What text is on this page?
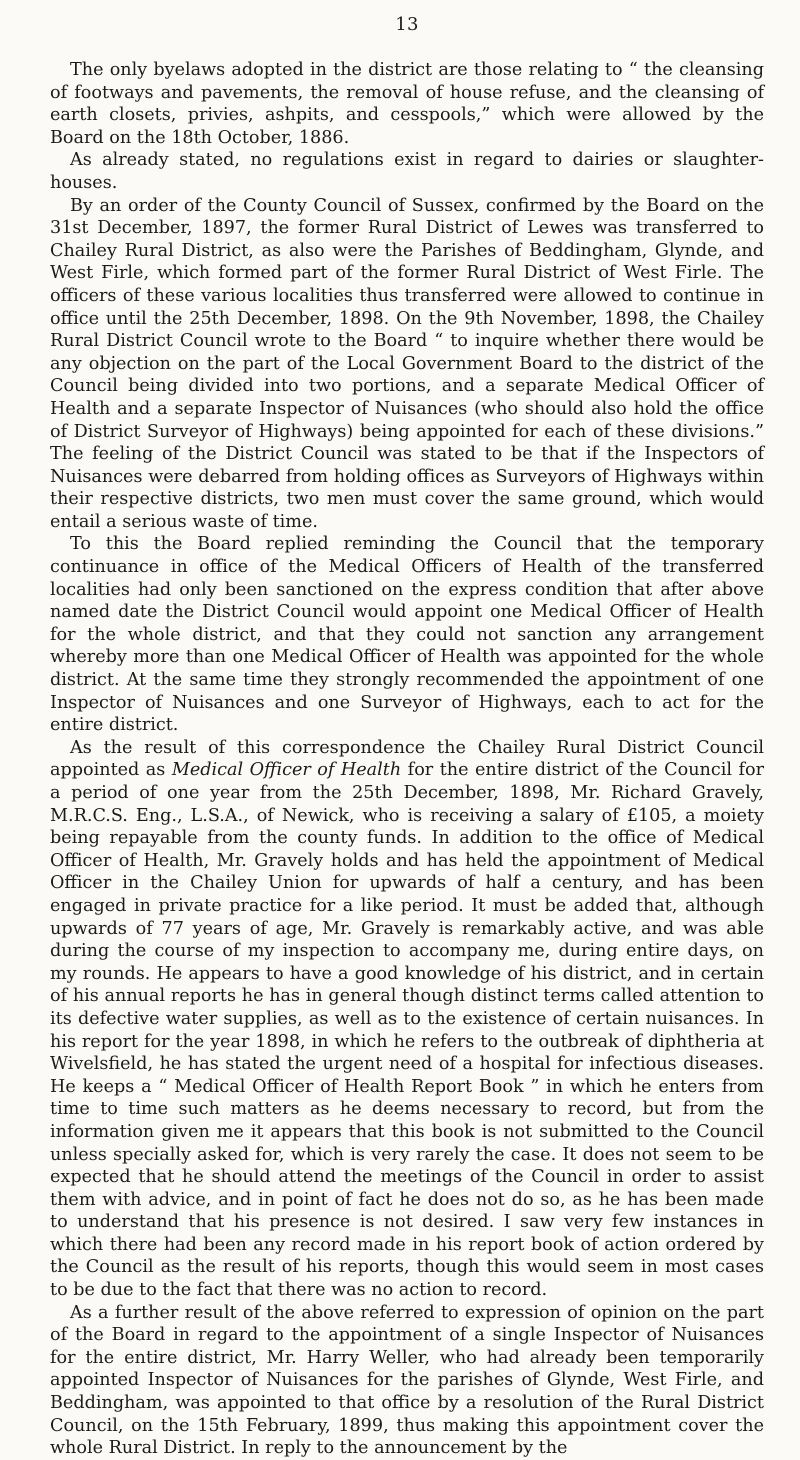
13

The only byelaws adopted in the district are those relating to “ the cleansing of footways and pavements, the removal of house refuse, and the cleansing of earth closets, privies, ashpits, and cesspools,” which were allowed by the Board on the 18th October, 1886.

As already stated, no regulations exist in regard to dairies or slaughter-houses.

By an order of the County Council of Sussex, confirmed by the Board on the 31st December, 1897, the former Rural District of Lewes was transferred to Chailey Rural District, as also were the Parishes of Beddingham, Glynde, and West Firle, which formed part of the former Rural District of West Firle. The officers of these various localities thus transferred were allowed to continue in office until the 25th December, 1898. On the 9th November, 1898, the Chailey Rural District Council wrote to the Board “ to inquire whether there would be any objection on the part of the Local Government Board to the district of the Council being divided into two portions, and a separate Medical Officer of Health and a separate Inspector of Nuisances (who should also hold the office of District Surveyor of Highways) being appointed for each of these divisions.” The feeling of the District Council was stated to be that if the Inspectors of Nuisances were debarred from holding offices as Surveyors of Highways within their respective districts, two men must cover the same ground, which would entail a serious waste of time.

To this the Board replied reminding the Council that the temporary continuance in office of the Medical Officers of Health of the transferred localities had only been sanctioned on the express condition that after above named date the District Council would appoint one Medical Officer of Health for the whole district, and that they could not sanction any arrangement whereby more than one Medical Officer of Health was appointed for the whole district. At the same time they strongly recommended the appointment of one Inspector of Nuisances and one Surveyor of Highways, each to act for the entire district.

As the result of this correspondence the Chailey Rural District Council appointed as Medical Officer of Health for the entire district of the Council for a period of one year from the 25th December, 1898, Mr. Richard Gravely, M.R.C.S. Eng., L.S.A., of Newick, who is receiving a salary of £105, a moiety being repayable from the county funds. In addition to the office of Medical Officer of Health, Mr. Gravely holds and has held the appointment of Medical Officer in the Chailey Union for upwards of half a century, and has been engaged in private practice for a like period. It must be added that, although upwards of 77 years of age, Mr. Gravely is remarkably active, and was able during the course of my inspection to accompany me, during entire days, on my rounds. He appears to have a good knowledge of his district, and in certain of his annual reports he has in general though distinct terms called attention to its defective water supplies, as well as to the existence of certain nuisances. In his report for the year 1898, in which he refers to the outbreak of diphtheria at Wivelsfield, he has stated the urgent need of a hospital for infectious diseases. He keeps a “ Medical Officer of Health Report Book ” in which he enters from time to time such matters as he deems necessary to record, but from the information given me it appears that this book is not submitted to the Council unless specially asked for, which is very rarely the case. It does not seem to be expected that he should attend the meetings of the Council in order to assist them with advice, and in point of fact he does not do so, as he has been made to understand that his presence is not desired. I saw very few instances in which there had been any record made in his report book of action ordered by the Council as the result of his reports, though this would seem in most cases to be due to the fact that there was no action to record.

As a further result of the above referred to expression of opinion on the part of the Board in regard to the appointment of a single Inspector of Nuisances for the entire district, Mr. Harry Weller, who had already been temporarily appointed Inspector of Nuisances for the parishes of Glynde, West Firle, and Beddingham, was appointed to that office by a resolution of the Rural District Council, on the 15th February, 1899, thus making this appointment cover the whole Rural District. In reply to the announcement by the
